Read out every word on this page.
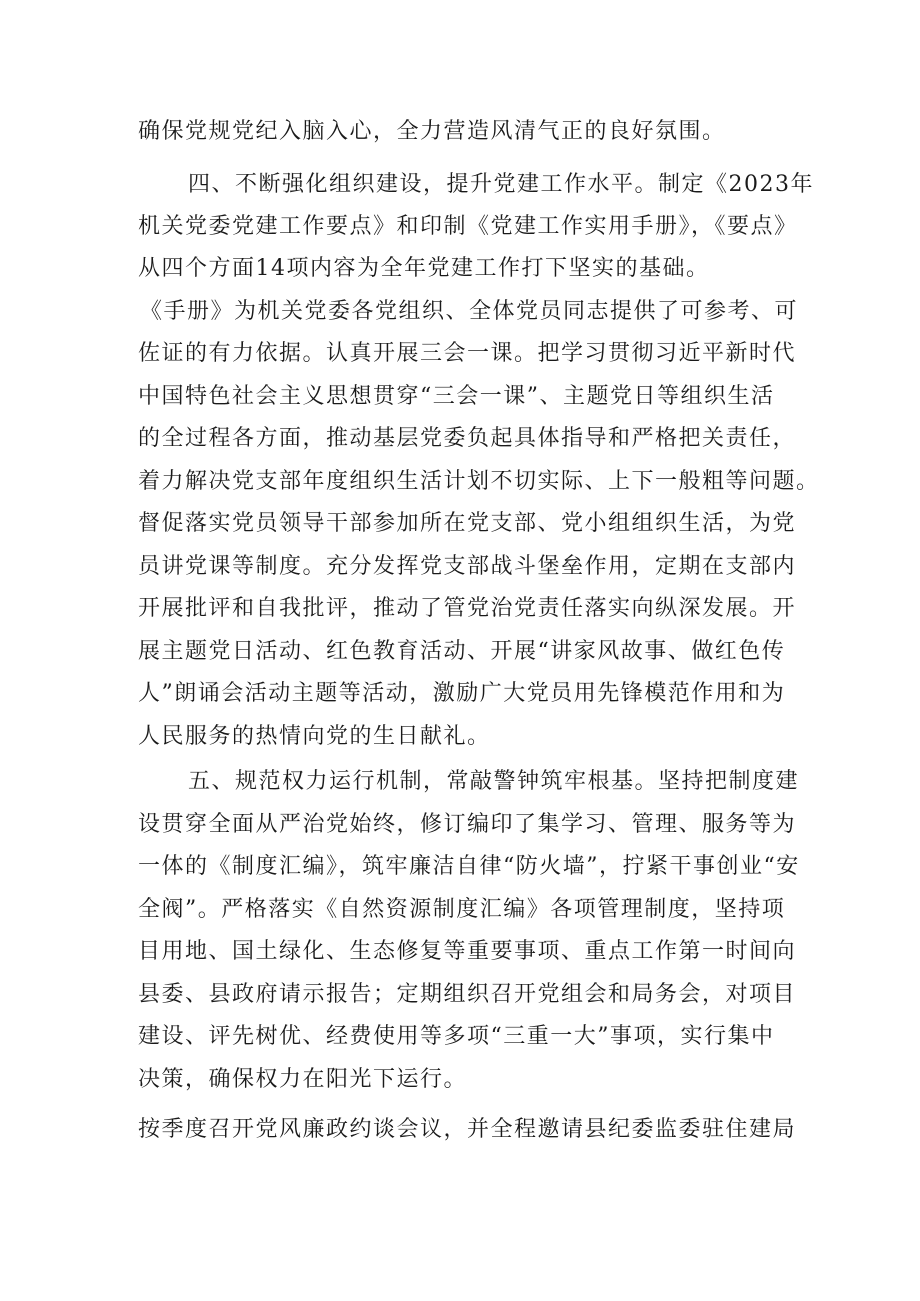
确保党规党纪入脑入心，全力营造风清气正的良好氛围。
四、不断强化组织建设，提升党建工作水平。制定《2023年
机关党委党建工作要点》和印制《党建工作实用手册》，《要点》
从四个方面14项内容为全年党建工作打下坚实的基础。
《手册》为机关党委各党组织、全体党员同志提供了可参考、可
佐证的有力依据。认真开展三会一课。把学习贯彻习近平新时代
中国特色社会主义思想贯穿“三会一课”、主题党日等组织生活
的全过程各方面，推动基层党委负起具体指导和严格把关责任，
着力解决党支部年度组织生活计划不切实际、上下一般粗等问题。
督促落实党员领导干部参加所在党支部、党小组组织生活，为党
员讲党课等制度。充分发挥党支部战斗堡垒作用，定期在支部内
开展批评和自我批评，推动了管党治党责任落实向纵深发展。开
展主题党日活动、红色教育活动、开展“讲家风故事、做红色传
人”朗诵会活动主题等活动，激励广大党员用先锋模范作用和为
人民服务的热情向党的生日献礼。
五、规范权力运行机制，常敲警钟筑牢根基。坚持把制度建
设贯穿全面从严治党始终，修订编印了集学习、管理、服务等为
一体的《制度汇编》，筑牢廉洁自律“防火墙”，拧紧干事创业“安
全阀”。严格落实《自然资源制度汇编》各项管理制度，坚持项
目用地、国土绿化、生态修复等重要事项、重点工作第一时间向
县委、县政府请示报告；定期组织召开党组会和局务会，对项目
建设、评先树优、经费使用等多项“三重一大”事项，实行集中
决策，确保权力在阳光下运行。
按季度召开党风廉政约谈会议，并全程邀请县纪委监委驻住建局
